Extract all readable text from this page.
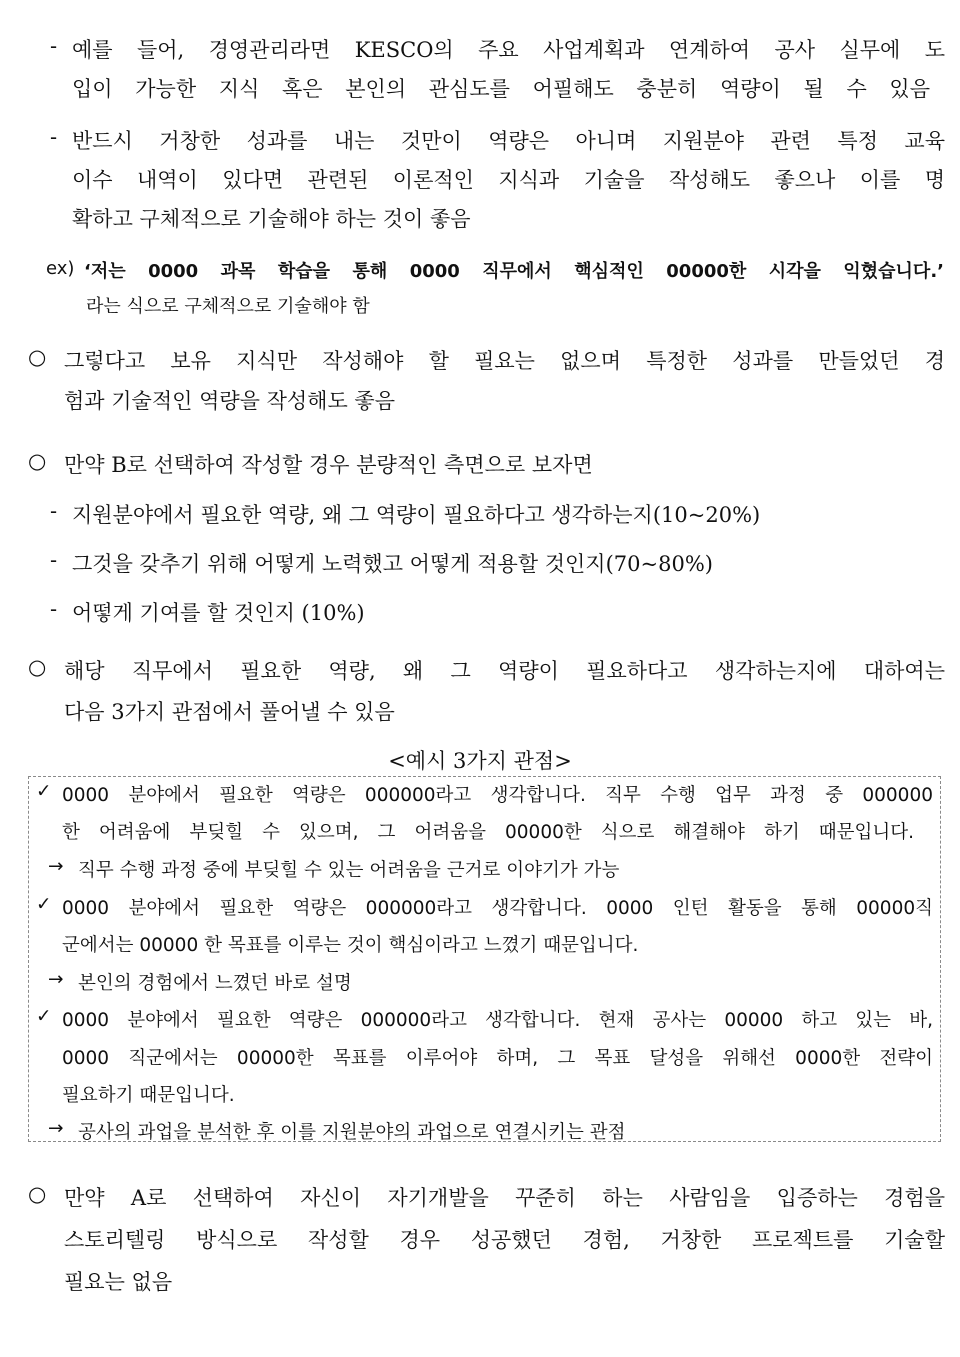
- 예를 들어, 경영관리라면 KESCO의 주요 사업계획과 연계하여 공사 실무에 도
입이 가능한 지식 혹은 본인의 관심도를 어필해도 충분히 역량이 될 수 있음
- 반드시 거창한 성과를 내는 것만이 역량은 아니며 지원분야 관련 특정 교육
이수 내역이 있다면 관련된 이론적인 지식과 기술을 작성해도 좋으나 이를 명
확하고 구체적으로 기술해야 하는 것이 좋음
ex) ‘저는 0000 과목 학습을 통해 0000 직무에서 핵심적인 00000한 시각을 익혔습니다.’
라는 식으로 구체적으로 기술해야 함
○ 그렇다고 보유 지식만 작성해야 할 필요는 없으며 특정한 성과를 만들었던 경
험과 기술적인 역량을 작성해도 좋음
○ 만약 B로 선택하여 작성할 경우 분량적인 측면으로 보자면
- 지원분야에서 필요한 역량, 왜 그 역량이 필요하다고 생각하는지(10~20%)
- 그것을 갖추기 위해 어떻게 노력했고 어떻게 적용할 것인지(70~80%)
- 어떻게 기여를 할 것인지 (10%)
○ 해당 직무에서 필요한 역량, 왜 그 역량이 필요하다고 생각하는지에 대하여는
다음 3가지 관점에서 풀어낼 수 있음
<예시 3가지 관점>
✓ 0000 분야에서 필요한 역량은 000000라고 생각합니다. 직무 수행 업무 과정 중 000000
한 어려움에 부딪힐 수 있으며, 그 어려움을 00000한 식으로 해결해야 하기 때문입니다.
→ 직무 수행 과정 중에 부딪힐 수 있는 어려움을 근거로 이야기가 가능
✓ 0000 분야에서 필요한 역량은 000000라고 생각합니다. 0000 인턴 활동을 통해 00000직
군에서는 00000 한 목표를 이루는 것이 핵심이라고 느꼈기 때문입니다.
→ 본인의 경험에서 느꼈던 바로 설명
✓ 0000 분야에서 필요한 역량은 000000라고 생각합니다. 현재 공사는 00000 하고 있는 바,
0000 직군에서는 00000한 목표를 이루어야 하며, 그 목표 달성을 위해선 0000한 전략이
필요하기 때문입니다.
→ 공사의 과업을 분석한 후 이를 지원분야의 과업으로 연결시키는 관점
○ 만약 A로 선택하여 자신이 자기개발을 꾸준히 하는 사람임을 입증하는 경험을
스토리텔링 방식으로 작성할 경우 성공했던 경험, 거창한 프로젝트를 기술할
필요는 없음
